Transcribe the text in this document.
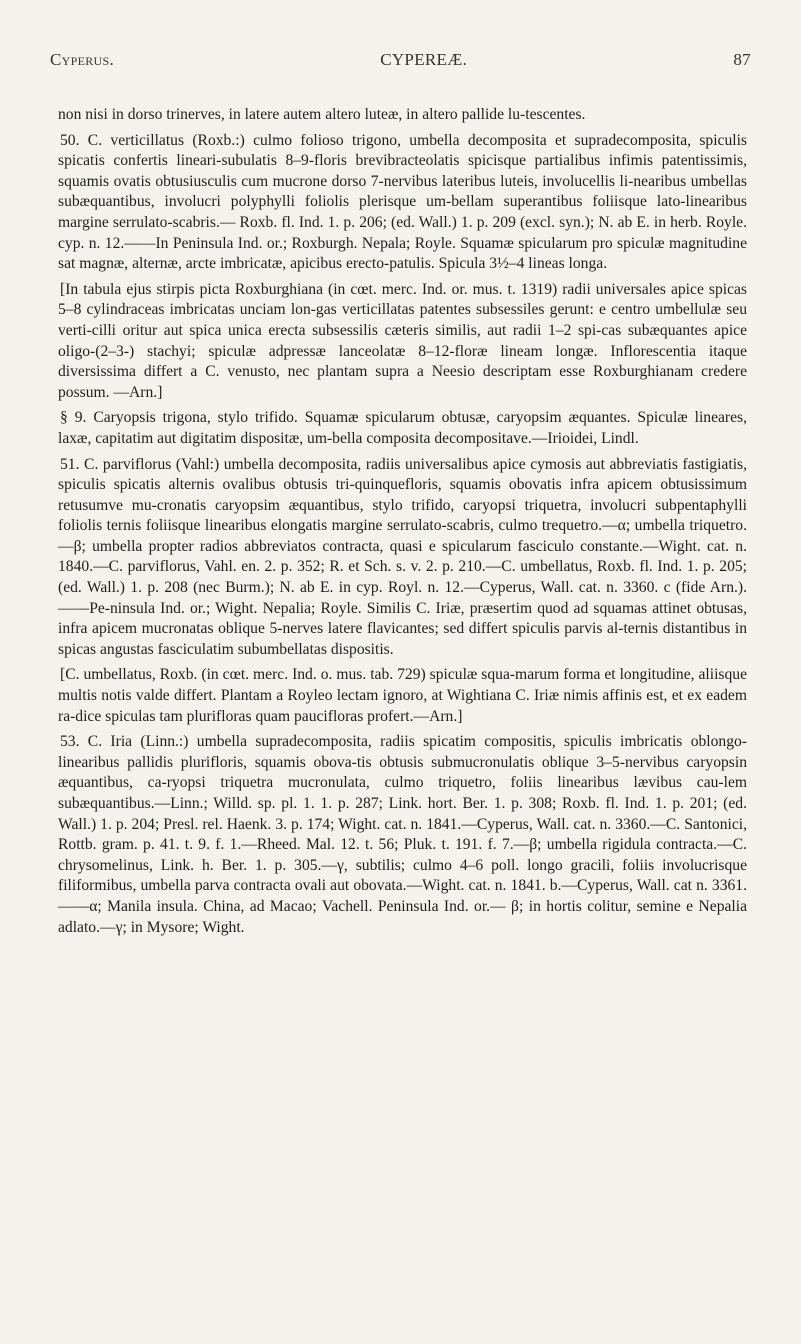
Cyperus.	CYPEREÆ.	87

non nisi in dorso trinerves, in latere autem altero luteæ, in altero pallide lu-tescentes.

50. C. verticillatus (Roxb.:) culmo folioso trigono, umbella decomposita et supradecomposita, spiculis spicatis confertis lineari-subulatis 8–9-floris brevibracteolatis spicisque partialibus infimis patentissimis, squamis ovatis obtusiusculis cum mucrone dorso 7-nervibus lateribus luteis, involucellis li-nearibus umbellas subæquantibus, involucri polyphylli foliolis plerisque um-bellam superantibus foliisque lato-linearibus margine serrulato-scabris.— Roxb. fl. Ind. 1. p. 206; (ed. Wall.) 1. p. 209 (excl. syn.); N. ab E. in herb. Royle. cyp. n. 12.——In Peninsula Ind. or.; Roxburgh. Nepala; Royle. Squamæ spicularum pro spiculæ magnitudine sat magnæ, alternæ, arcte imbricatæ, apicibus erecto-patulis. Spicula 3½–4 lineas longa.

[In tabula ejus stirpis picta Roxburghiana (in cœt. merc. Ind. or. mus. t. 1319) radii universales apice spicas 5–8 cylindraceas imbricatas unciam lon-gas verticillatas patentes subsessiles gerunt: e centro umbellulæ seu verti-cilli oritur aut spica unica erecta subsessilis cæteris similis, aut radii 1–2 spi-cas subæquantes apice oligo-(2–3-) stachyi; spiculæ adpressæ lanceolatæ 8–12-floræ lineam longæ. Inflorescentia itaque diversissima differt a C. venusto, nec plantam supra a Neesio descriptam esse Roxburghianam credere possum. —Arn.]

§ 9. Caryopsis trigona, stylo trifido. Squamæ spicularum obtusæ, caryopsim æquantes. Spiculæ lineares, laxæ, capitatim aut digitatim dispositæ, um-bella composita decompositave.—Irioidei, Lindl.

51. C. parviflorus (Vahl:) umbella decomposita, radiis universalibus apice cymosis aut abbreviatis fastigiatis, spiculis spicatis alternis ovalibus obtusis tri-quinquefloris, squamis obovatis infra apicem obtusissimum retusumve mu-cronatis caryopsim æquantibus, stylo trifido, caryopsi triquetra, involucri subpentaphylli foliolis ternis foliisque linearibus elongatis margine serrulato-scabris, culmo trequetro.—α; umbella triquetro.—β; umbella propter radios abbreviatos contracta, quasi e spicularum fasciculo constante.—Wight. cat. n. 1840.—C. parviflorus, Vahl. en. 2. p. 352; R. et Sch. s. v. 2. p. 210.—C. umbellatus, Roxb. fl. Ind. 1. p. 205; (ed. Wall.) 1. p. 208 (nec Burm.); N. ab E. in cyp. Royl. n. 12.—Cyperus, Wall. cat. n. 3360. c (fide Arn.).——Pe-ninsula Ind. or.; Wight. Nepalia; Royle. Similis C. Iriæ, præsertim quod ad squamas attinet obtusas, infra apicem mucronatas oblique 5-nerves latere flavicantes; sed differt spiculis parvis al-ternis distantibus in spicas angustas fasciculatim subumbellatas dispositis.

[C. umbellatus, Roxb. (in cœt. merc. Ind. o. mus. tab. 729) spiculæ squa-marum forma et longitudine, aliisque multis notis valde differt. Plantam a Royleo lectam ignoro, at Wightiana C. Iriæ nimis affinis est, et ex eadem ra-dice spiculas tam plurifloras quam paucifloras profert.—Arn.]

53. C. Iria (Linn.:) umbella supradecomposita, radiis spicatim compositis, spiculis imbricatis oblongo-linearibus pallidis plurifloris, squamis obova-tis obtusis submucronulatis oblique 3–5-nervibus caryopsin æquantibus, ca-ryopsi triquetra mucronulata, culmo triquetro, foliis linearibus lævibus cau-lem subæquantibus.—Linn.; Willd. sp. pl. 1. 1. p. 287; Link. hort. Ber. 1. p. 308; Roxb. fl. Ind. 1. p. 201; (ed. Wall.) 1. p. 204; Presl. rel. Haenk. 3. p. 174; Wight. cat. n. 1841.—Cyperus, Wall. cat. n. 3360.—C. Santonici, Rottb. gram. p. 41. t. 9. f. 1.—Rheed. Mal. 12. t. 56; Pluk. t. 191. f. 7.—β; umbella rigidula contracta.—C. chrysomelinus, Link. h. Ber. 1. p. 305.—γ, subtilis; culmo 4–6 poll. longo gracili, foliis involucrisque filiformibus, umbella parva contracta ovali aut obovata.—Wight. cat. n. 1841. b.—Cyperus, Wall. cat n. 3361.——α; Manila insula. China, ad Macao; Vachell. Peninsula Ind. or.— β; in hortis colitur, semine e Nepalia adlato.—γ; in Mysore; Wight.
